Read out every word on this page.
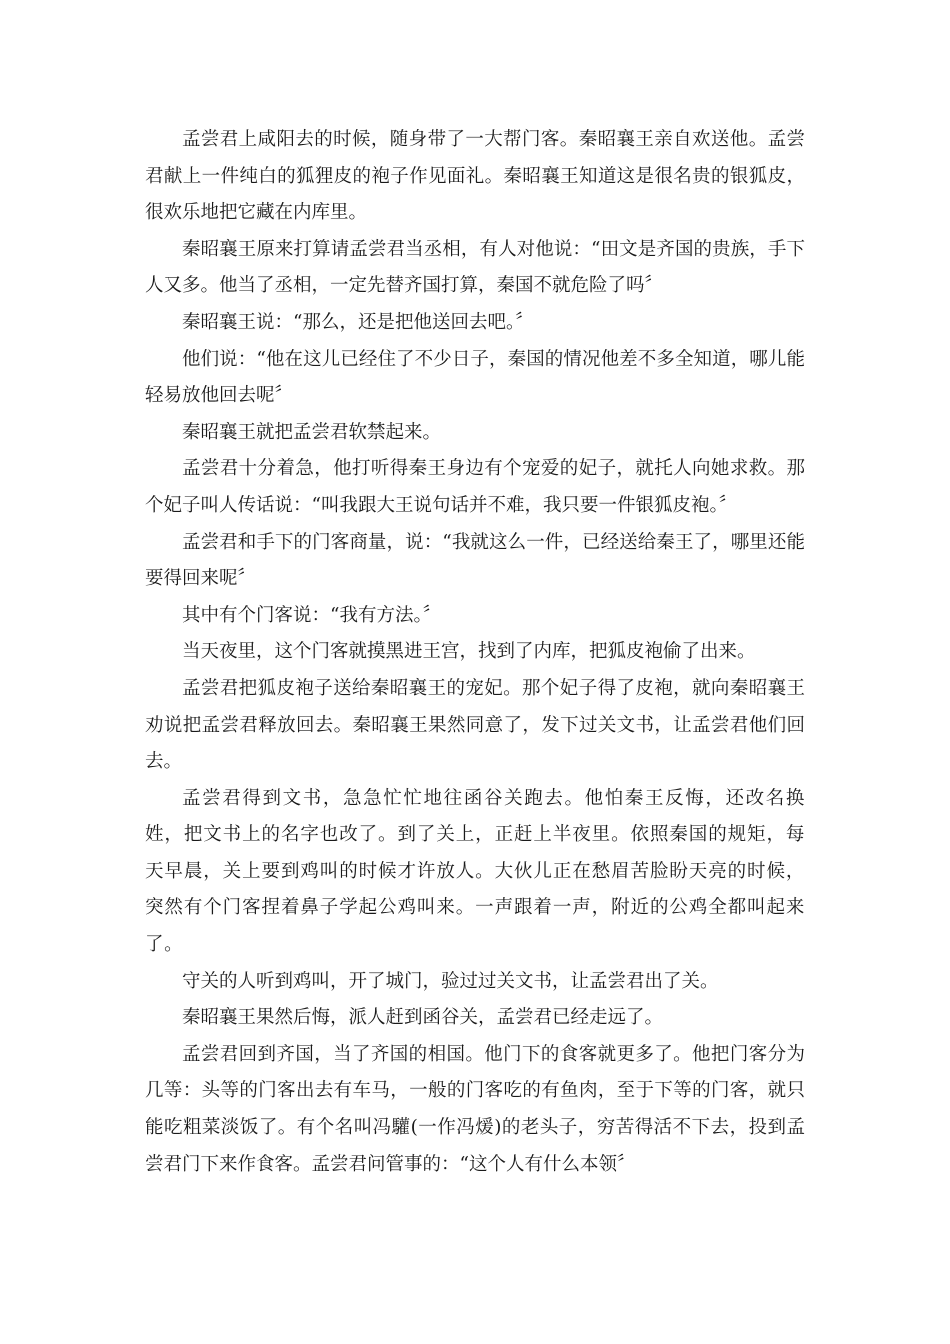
孟尝君上咸阳去的时候，随身带了一大帮门客。秦昭襄王亲自欢送他。孟尝君献上一件纯白的狐狸皮的袍子作见面礼。秦昭襄王知道这是很名贵的银狐皮，很欢乐地把它藏在内库里。

秦昭襄王原来打算请孟尝君当丞相，有人对他说：“田文是齐国的贵族，手下人又多。他当了丞相，一定先替齐国打算，秦国不就危险了吗〞

秦昭襄王说：“那么，还是把他送回去吧。〞

他们说：“他在这儿已经住了不少日子，秦国的情况他差不多全知道，哪儿能轻易放他回去呢〞

秦昭襄王就把孟尝君软禁起来。

孟尝君十分着急，他打听得秦王身边有个宠爱的妃子，就托人向她求救。那个妃子叫人传话说：“叫我跟大王说句话并不难，我只要一件银狐皮袍。〞

孟尝君和手下的门客商量，说：“我就这么一件，已经送给秦王了，哪里还能要得回来呢〞

其中有个门客说：“我有方法。〞

当天夜里，这个门客就摸黑进王宫，找到了内库，把狐皮袍偷了出来。

孟尝君把狐皮袍子送给秦昭襄王的宠妃。那个妃子得了皮袍，就向秦昭襄王劝说把孟尝君释放回去。秦昭襄王果然同意了，发下过关文书，让孟尝君他们回去。

孟尝君得到文书，急急忙忙地往函谷关跑去。他怕秦王反悔，还改名换姓，把文书上的名字也改了。到了关上，正赶上半夜里。依照秦国的规矩，每天早晨，关上要到鸡叫的时候才许放人。大伙儿正在愁眉苦脸盼天亮的时候，突然有个门客捏着鼻子学起公鸡叫来。一声跟着一声，附近的公鸡全都叫起来了。

守关的人听到鸡叫，开了城门，验过过关文书，让孟尝君出了关。

秦昭襄王果然后悔，派人赶到函谷关，孟尝君已经走远了。

孟尝君回到齐国，当了齐国的相国。他门下的食客就更多了。他把门客分为几等：头等的门客出去有车马，一般的门客吃的有鱼肉，至于下等的门客，就只能吃粗菜淡饭了。有个名叫冯驩(一作冯煖)的老头子，穷苦得活不下去，投到孟尝君门下来作食客。孟尝君问管事的：“这个人有什么本领〞
